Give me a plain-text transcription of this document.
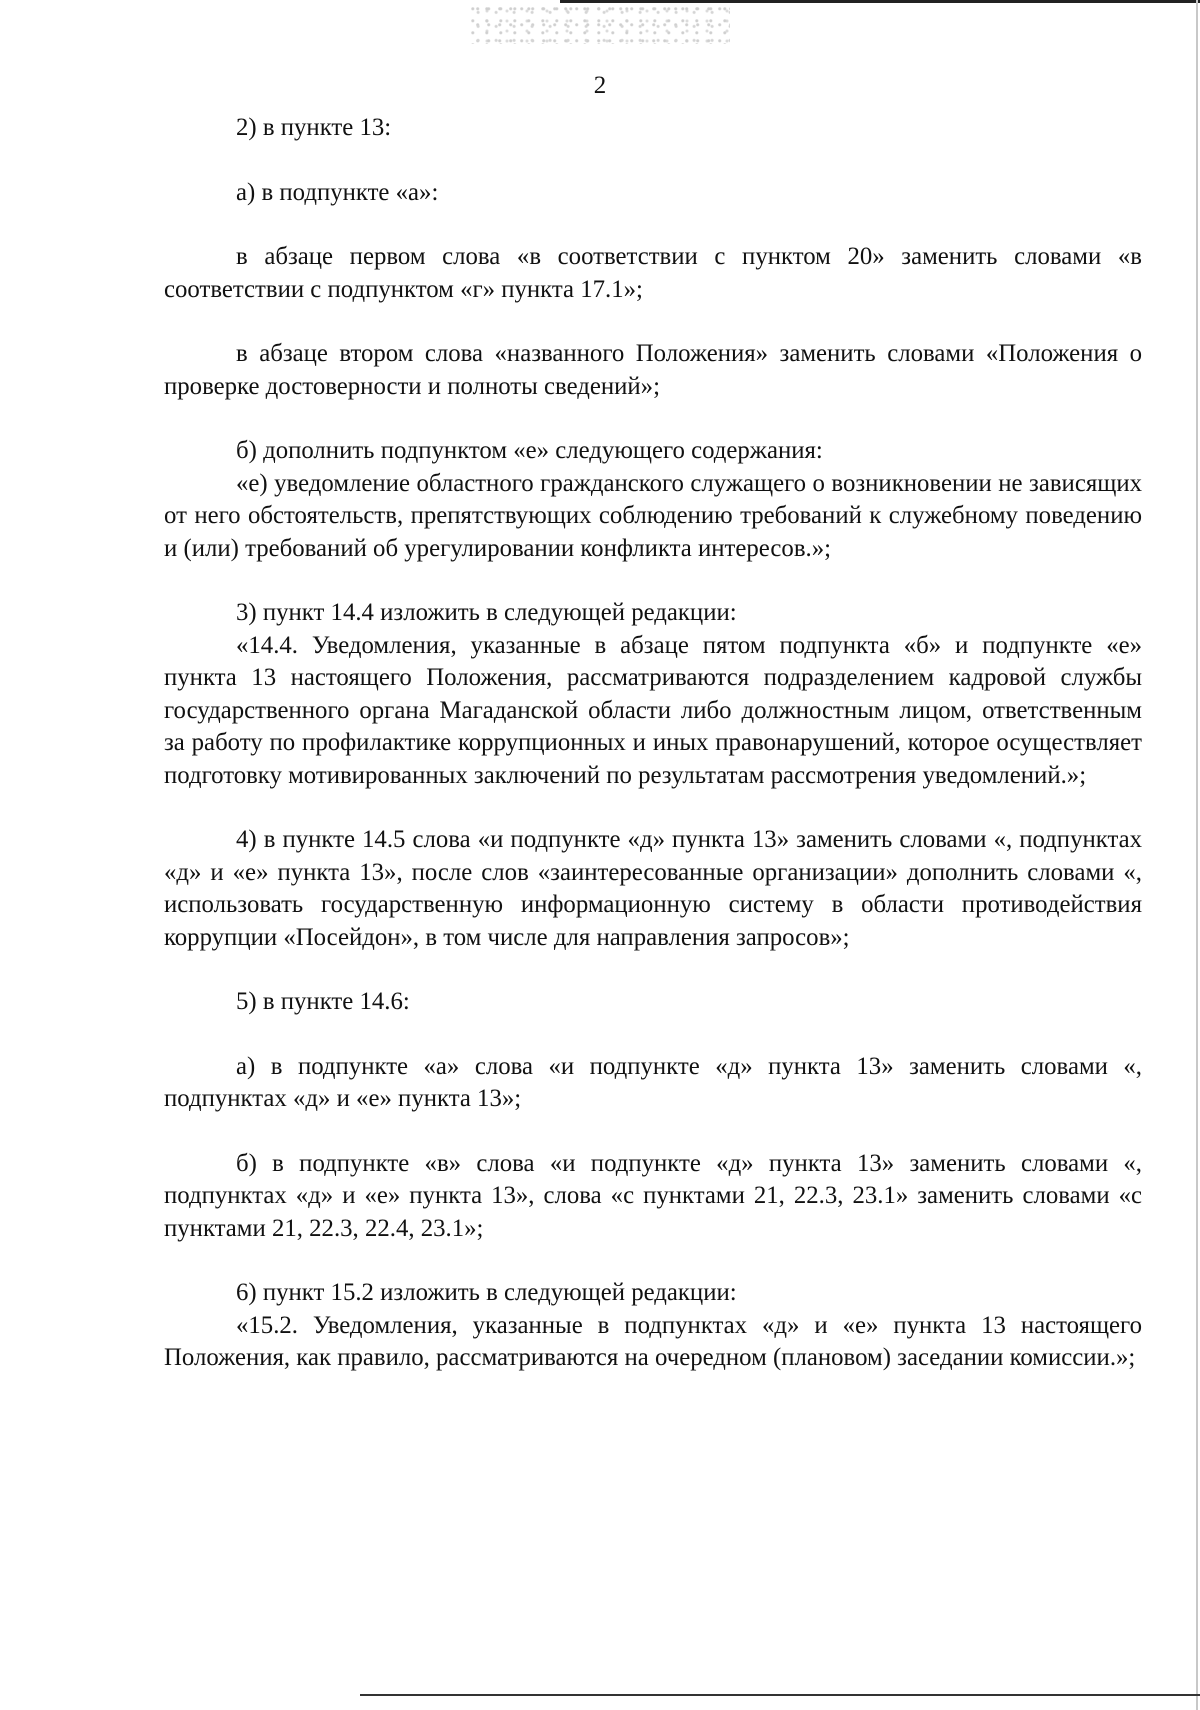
2

2) в пункте 13:

а) в подпункте «а»:

в абзаце первом слова «в соответствии с пунктом 20» заменить словами «в соответствии с подпунктом «г» пункта 17.1»;

в абзаце втором слова «названного Положения» заменить словами «Положения о проверке достоверности и полноты сведений»;

б) дополнить подпунктом «е» следующего содержания:

«е) уведомление областного гражданского служащего о возникновении не зависящих от него обстоятельств, препятствующих соблюдению требований к служебному поведению и (или) требований об урегулировании конфликта интересов.»;

3) пункт 14.4 изложить в следующей редакции:

«14.4. Уведомления, указанные в абзаце пятом подпункта «б» и подпункте «е» пункта 13 настоящего Положения, рассматриваются подразделением кадровой службы государственного органа Магаданской области либо должностным лицом, ответственным за работу по профилактике коррупционных и иных правонарушений, которое осуществляет подготовку мотивированных заключений по результатам рассмотрения уведомлений.»;

4) в пункте 14.5 слова «и подпункте «д» пункта 13» заменить словами «, подпунктах «д» и «е» пункта 13», после слов «заинтересованные организации» дополнить словами «, использовать государственную информационную систему в области противодействия коррупции «Посейдон», в том числе для направления запросов»;

5) в пункте 14.6:

а) в подпункте «а» слова «и подпункте «д» пункта 13» заменить словами «, подпунктах «д» и «е» пункта 13»;

б) в подпункте «в» слова «и подпункте «д» пункта 13» заменить словами «, подпунктах «д» и «е» пункта 13», слова «с пунктами 21, 22.3, 23.1» заменить словами «с пунктами 21, 22.3, 22.4, 23.1»;

6) пункт 15.2 изложить в следующей редакции:

«15.2. Уведомления, указанные в подпунктах «д» и «е» пункта 13 настоящего Положения, как правило, рассматриваются на очередном (плановом) заседании комиссии.»;
